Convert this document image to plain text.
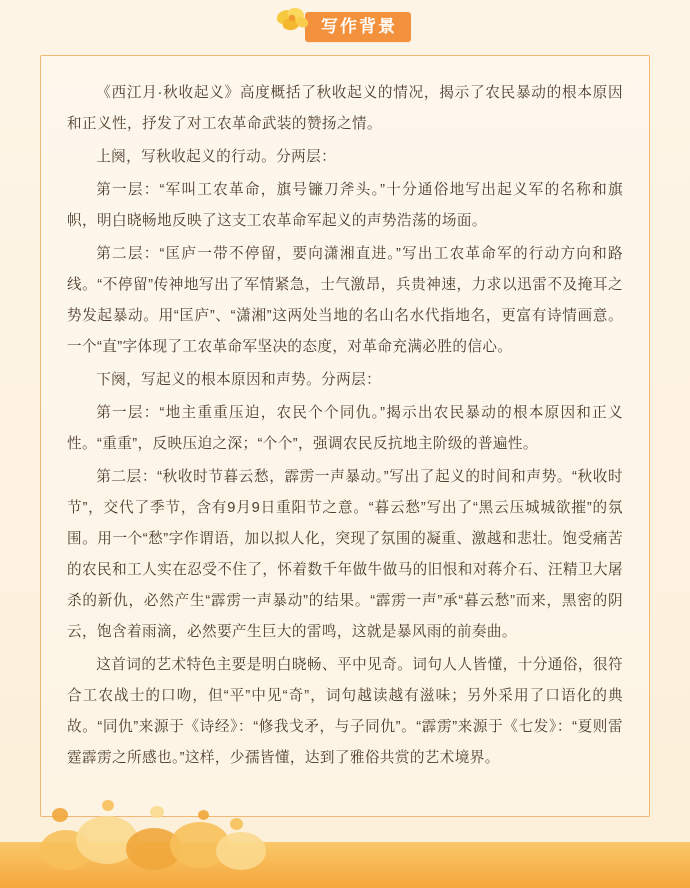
写作背景

《西江月·秋收起义》高度概括了秋收起义的情况，揭示了农民暴动的根本原因和正义性，抒发了对工农革命武装的赞扬之情。

上阕，写秋收起义的行动。分两层：

第一层：“军叫工农革命，旗号镰刀斧头。”十分通俗地写出起义军的名称和旗帜，明白晓畅地反映了这支工农革命军起义的声势浩荡的场面。

第二层：“匡庐一带不停留，要向潇湘直进。”写出工农革命军的行动方向和路线。“不停留”传神地写出了军情紧急，士气激昂，兵贵神速，力求以迅雷不及掩耳之势发起暴动。用“匡庐”、“潇湘”这两处当地的名山名水代指地名，更富有诗情画意。一个“直”字体现了工农革命军坚决的态度，对革命充满必胜的信心。

下阕，写起义的根本原因和声势。分两层：

第一层：“地主重重压迫，农民个个同仇。”揭示出农民暴动的根本原因和正义性。“重重”，反映压迫之深；“个个”，强调农民反抗地主阶级的普遍性。

第二层：“秋收时节暮云愁，霹雳一声暴动。”写出了起义的时间和声势。“秋收时节”，交代了季节，含有9月9日重阳节之意。“暮云愁”写出了“黑云压城城欲摧”的氛围。用一个“愁”字作谓语，加以拟人化，突现了氛围的凝重、激越和悲壮。饱受痛苦的农民和工人实在忍受不住了，怀着数千年做牛做马的旧恨和对蒋介石、汪精卫大屠杀的新仇，必然产生“霹雳一声暴动”的结果。“霹雳一声”承“暮云愁”而来，黑密的阴云，饱含着雨滴，必然要产生巨大的雷鸣，这就是暴风雨的前奏曲。

这首词的艺术特色主要是明白晓畅、平中见奇。词句人人皆懂，十分通俗，很符合工农战士的口吻，但“平”中见“奇”，词句越读越有滋味；另外采用了口语化的典故。“同仇”来源于《诗经》：“修我戈矛，与子同仇”。“霹雳”来源于《七发》：“夏则雷霆霹雳之所感也。”这样，少孺皆懂，达到了雅俗共赏的艺术境界。
